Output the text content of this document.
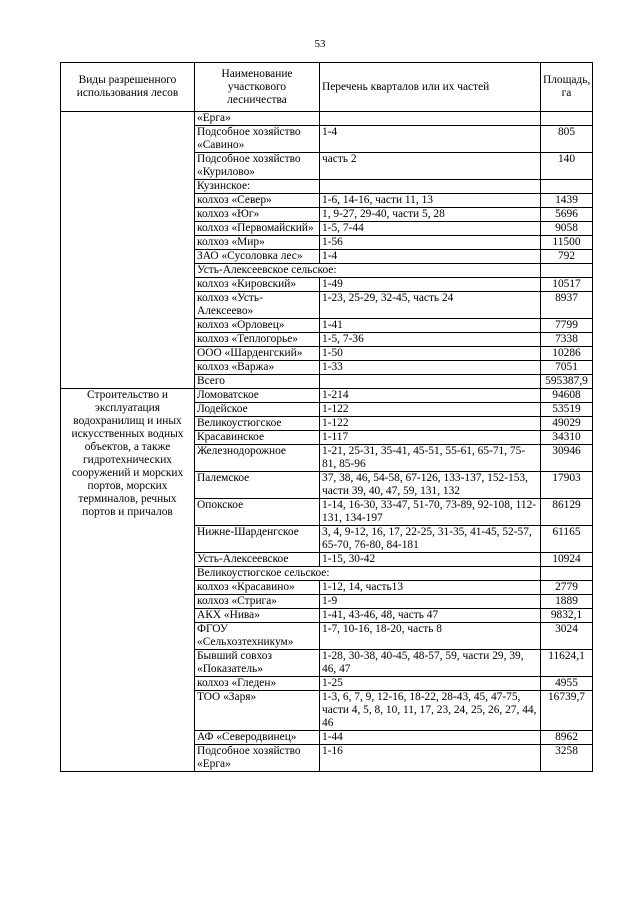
53
Виды разрешенного использования лесов	Наименование участкового лесничества	Перечень кварталов или их частей	Площадь, га
	«Ерга»		
	Подсобное хозяйство «Савино»	1-4	805
	Подсобное хозяйство «Курилово»	часть 2	140
	Кузинское:		
	колхоз «Север»	1-6, 14-16, части 11, 13	1439
	колхоз «Юг»	1, 9-27, 29-40, части 5, 28	5696
	колхоз «Первомайский»	1-5, 7-44	9058
	колхоз «Мир»	1-56	11500
	ЗАО «Сусоловка лес»	1-4	792
	Усть-Алексеевское сельское:		
	колхоз «Кировский»	1-49	10517
	колхоз «Усть-Алексеево»	1-23, 25-29, 32-45, часть 24	8937
	колхоз «Орловец»	1-41	7799
	колхоз «Теплогорье»	1-5, 7-36	7338
	ООО «Шарденгский»	1-50	10286
	колхоз «Варжа»	1-33	7051
	Всего		595387,9
Строительство и эксплуатация водохранилищ и иных искусственных водных объектов, а также гидротехнических сооружений и морских портов, морских терминалов, речных портов и причалов	Ломоватское	1-214	94608
	Лодейское	1-122	53519
	Великоустюгское	1-122	49029
	Красавинское	1-117	34310
	Железнодорожное	1-21, 25-31, 35-41, 45-51, 55-61, 65-71, 75-81, 85-96	30946
	Палемское	37, 38, 46, 54-58, 67-126, 133-137, 152-153, части 39, 40, 47, 59, 131, 132	17903
	Опокское	1-14, 16-30, 33-47, 51-70, 73-89, 92-108, 112-131, 134-197	86129
	Нижне-Шарденгское	3, 4, 9-12, 16, 17, 22-25, 31-35, 41-45, 52-57, 65-70, 76-80, 84-181	61165
	Усть-Алексеевское	1-15, 30-42	10924
	Великоустюгское сельское:		
	колхоз «Красавино»	1-12, 14, часть13	2779
	колхоз «Стрига»	1-9	1889
	АКХ «Нива»	1-41, 43-46, 48, часть 47	9832,1
	ФГОУ «Сельхозтехникум»	1-7, 10-16, 18-20, часть 8	3024
	Бывший совхоз «Показатель»	1-28, 30-38, 40-45, 48-57, 59, части 29, 39, 46, 47	11624,1
	колхоз «Гледен»	1-25	4955
	ТОО «Заря»	1-3, 6, 7, 9, 12-16, 18-22, 28-43, 45, 47-75, части 4, 5, 8, 10, 11, 17, 23, 24, 25, 26, 27, 44, 46	16739,7
	АФ «Северодвинец»	1-44	8962
	Подсобное хозяйство «Ерга»	1-16	3258
